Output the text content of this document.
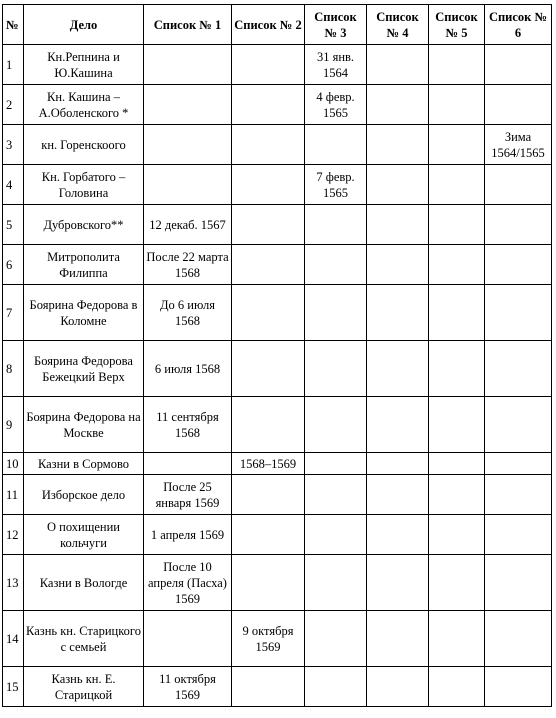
№	Дело	Список № 1	Список № 2	Список № 3	Список № 4	Список № 5	Список № 6
1	Кн.Репнина и Ю.Кашина			31 янв. 1564			
2	Кн. Кашина – А.Оболенского *			4 февр. 1565			
3	кн. Горенскоого						Зима 1564/1565
4	Кн. Горбатого – Головина			7 февр. 1565			
5	Дубровского**	12 декаб. 1567					
6	Митрополита Филиппа	После 22 марта 1568					
7	Боярина Федорова в Коломне	До 6 июля 1568					
8	Боярина Федорова Бежецкий Верх	6 июля 1568					
9	Боярина Федорова на Москве	11 сентября 1568					
10	Казни в Сормово		1568–1569				
11	Изборское дело	После 25 января 1569					
12	О похищении кольчуги	1 апреля 1569					
13	Казни в Вологде	После 10 апреля (Пасха) 1569					
14	Казнь кн. Старицкого с семьей		9 октября 1569				
15	Казнь кн. Е. Старицкой	11 октября 1569					
